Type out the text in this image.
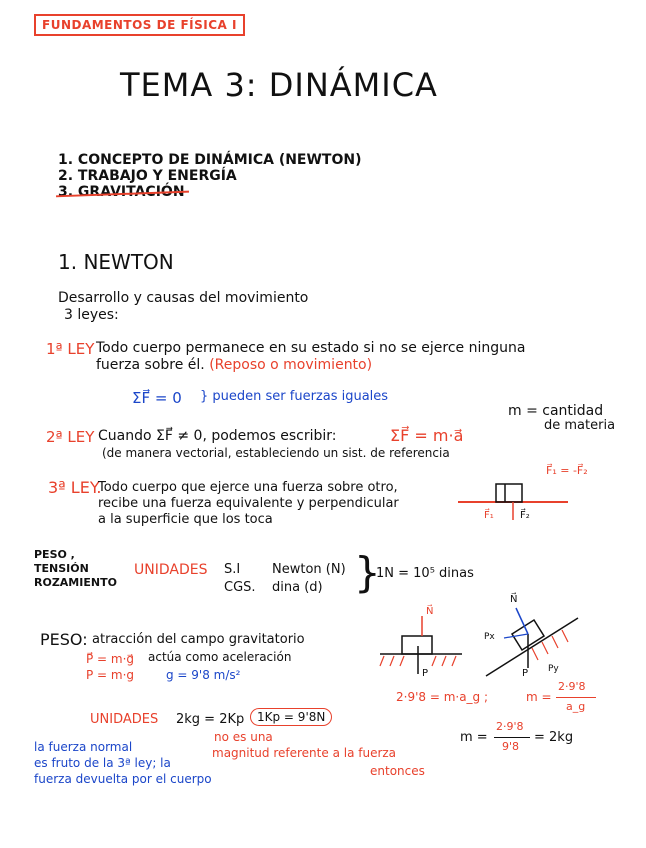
FUNDAMENTOS DE FÍSICA I
TEMA 3: DINÁMICA
1. CONCEPTO DE DINÁMICA (NEWTON)
2. TRABAJO Y ENERGÍA
3. GRAVITACIÓN
1. NEWTON
Desarrollo y causas del movimiento
3 leyes:
1ª LEY Todo cuerpo permanece en su estado si no se ejerce ninguna
fuerza sobre él. (Reposo o movimiento)
ΣF⃗ = 0 } pueden ser fuerzas iguales
m = cantidad
de materia
2ª LEY Cuando ΣF⃗ ≠ 0, podemos escribir:	ΣF⃗ = m·a⃗
(de manera vectorial, estableciendo un sist. de referencia
3ª LEY.
Todo cuerpo que ejerce una fuerza sobre otro,
recibe una fuerza equivalente y perpendicular
a la superficie que los toca
F⃗₁ = -F⃗₂
F⃗₁	F⃗₂
PESO ,
TENSIÓN
ROZAMIENTO
UNIDADES S.I Newton (N)
CGS. dina (d) }
1N = 10⁵ dinas
PESO: atracción del campo gravitatorio
P⃗ = m·g⃗ actúa como aceleración
P = m·g	g = 9'8 m/s²
UNIDADES 2kg = 2Kp	1Kp = 9'8N
no es una
magnitud referente a la fuerza
entonces
la fuerza normal
es fruto de la 3ª ley; la
fuerza devuelta por el cuerpo
N⃗
P
N⃗
Px
P Py
2·9'8 = m·a_g ;	m =
2·9'8
a_g
m =
2·9'8
9'8
= 2kg
